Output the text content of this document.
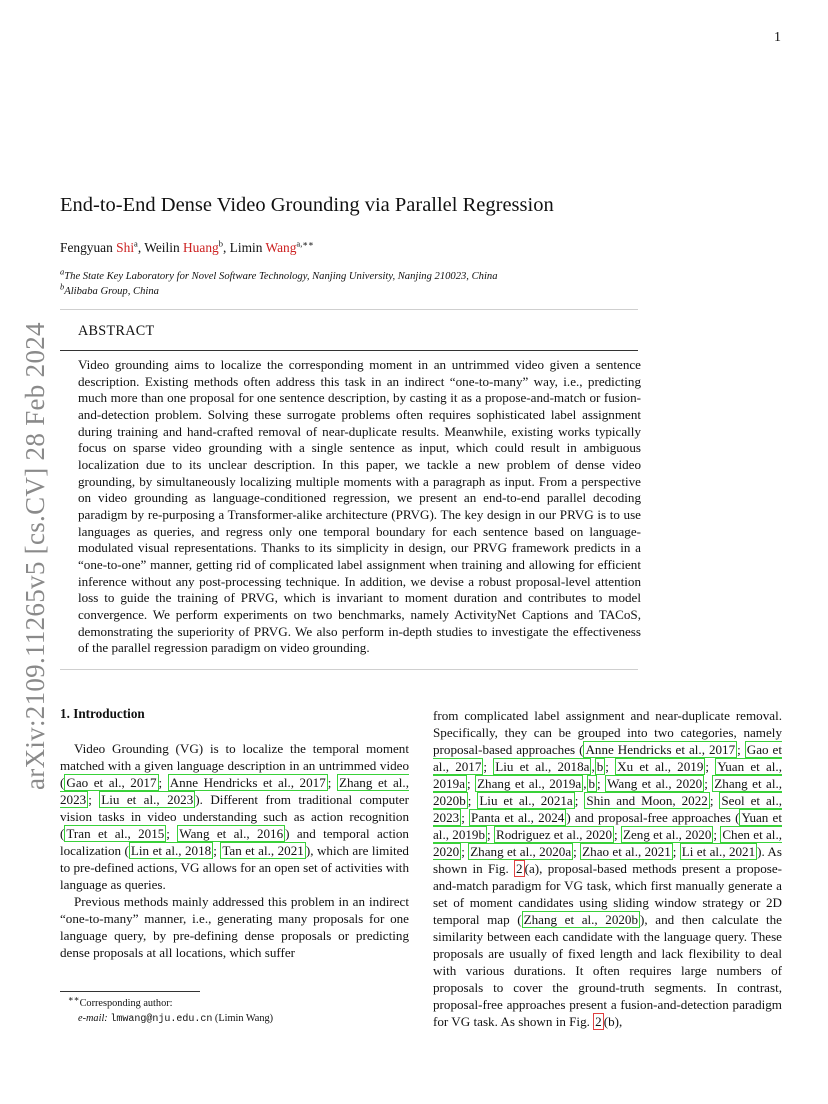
1
arXiv:2109.11265v5 [cs.CV] 28 Feb 2024
End-to-End Dense Video Grounding via Parallel Regression
Fengyuan Shi$^a$, Weilin Huang$^b$, Limin Wang$^{a,∗∗}$
$^a$The State Key Laboratory for Novel Software Technology, Nanjing University, Nanjing 210023, China
$^b$Alibaba Group, China
ABSTRACT
Video grounding aims to localize the corresponding moment in an untrimmed video given a sentence description. Existing methods often address this task in an indirect “one-to-many” way, i.e., predicting much more than one proposal for one sentence description, by casting it as a propose-and-match or fusion-and-detection problem. Solving these surrogate problems often requires sophisticated label assignment during training and hand-crafted removal of near-duplicate results. Meanwhile, existing works typically focus on sparse video grounding with a single sentence as input, which could result in ambiguous localization due to its unclear description. In this paper, we tackle a new problem of dense video grounding, by simultaneously localizing multiple moments with a paragraph as input. From a perspective on video grounding as language-conditioned regression, we present an end-to-end parallel decoding paradigm by re-purposing a Transformer-alike architecture (PRVG). The key design in our PRVG is to use languages as queries, and regress only one temporal boundary for each sentence based on language-modulated visual representations. Thanks to its simplicity in design, our PRVG framework predicts in a “one-to-one” manner, getting rid of complicated label assignment when training and allowing for efficient inference without any post-processing technique. In addition, we devise a robust proposal-level attention loss to guide the training of PRVG, which is invariant to moment duration and contributes to model convergence. We perform experiments on two benchmarks, namely ActivityNet Captions and TACoS, demonstrating the superiority of PRVG. We also perform in-depth studies to investigate the effectiveness of the parallel regression paradigm on video grounding.
1. Introduction

Video Grounding (VG) is to localize the temporal moment matched with a given language description in an untrimmed video ( Gao et al., 2017 ; Anne Hendricks et al., 2017 ; Zhang et al., 2023 ; Liu et al., 2023 ). Different from traditional computer vision tasks in video understanding such as action recognition ( Tran et al., 2015 ; Wang et al., 2016 ) and temporal action localization ( Lin et al., 2018 ; Tan et al., 2021 ), which are limited to pre-defined actions, VG allows for an open set of activities with language as queries.

Previous methods mainly addressed this problem in an indirect “one-to-many” manner, i.e., generating many proposals for one language query, by pre-defining dense proposals or predicting dense proposals at all locations, which suffer

from complicated label assignment and near-duplicate removal. Specifically, they can be grouped into two categories, namely proposal-based approaches ( Anne Hendricks et al., 2017 ; Gao et al., 2017 ; Liu et al., 2018a , b ; Xu et al., 2019 ; Yuan et al., 2019a ; Zhang et al., 2019a , b ; Wang et al., 2020 ; Zhang et al., 2020b ; Liu et al., 2021a ; Shin and Moon, 2022 ; Seol et al., 2023 ; Panta et al., 2024 ) and proposal-free approaches ( Yuan et al., 2019b ; Rodriguez et al., 2020 ; Zeng et al., 2020 ; Chen et al., 2020 ; Zhang et al., 2020a ; Zhao et al., 2021 ; Li et al., 2021 ). As shown in Fig. 2 (a), proposal-based methods present a propose-and-match paradigm for VG task, which first manually generate a set of moment candidates using sliding window strategy or 2D temporal map ( Zhang et al., 2020b ), and then calculate the similarity between each candidate with the language query. These proposals are usually of fixed length and lack flexibility to deal with various durations. It often requires large numbers of proposals to cover the ground-truth segments. In contrast, proposal-free approaches present a fusion-and-detection paradigm for VG task. As shown in Fig. 2 (b),

∗∗Corresponding author:
e-mail: lmwang@nju.edu.cn (Limin Wang)
